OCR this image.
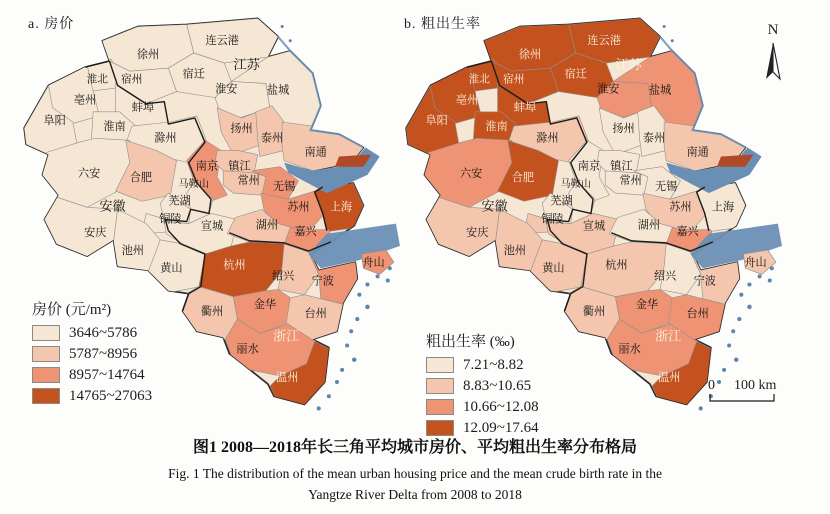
a. 房价	b. 粗出生率
连云港
徐州
宿迁
淮北 宿州
淮安	盐城
亳州
蚌埠
阜阳
淮南
滁州
扬州
泰州
南通
六安	合肥
南京 镇江
常州
无锡
苏州 上海
马鞍山
芜湖
铜陵
安庆
池州
黄山
宣城	湖州
嘉兴
杭州
绍兴 宁波
舟山
衢州
金华
台州
丽水
温州
江苏
安徽
浙江
连云港
徐州
宿迁
淮北 宿州
淮安	盐城
亳州
蚌埠
阜阳
淮南
滁州
扬州
泰州
南通
六安	合肥
南京 镇江
常州
无锡
苏州 上海
马鞍山
芜湖
铜陵
安庆
池州
黄山
宣城	湖州
嘉兴
杭州
绍兴 宁波
舟山
衢州
金华
台州
丽水
温州
江苏
安徽
浙江
房价 (元/m²)
3646~5786
5787~8956
8957~14764
14765~27063
粗出生率 (‰)
7.21~8.82
8.83~10.65
10.66~12.08
12.09~17.64
N
0 100 km
图1 2008—2018年长三角平均城市房价、平均粗出生率分布格局
Fig. 1 The distribution of the mean urban housing price and the mean crude birth rate in the
Yangtze River Delta from 2008 to 2018
